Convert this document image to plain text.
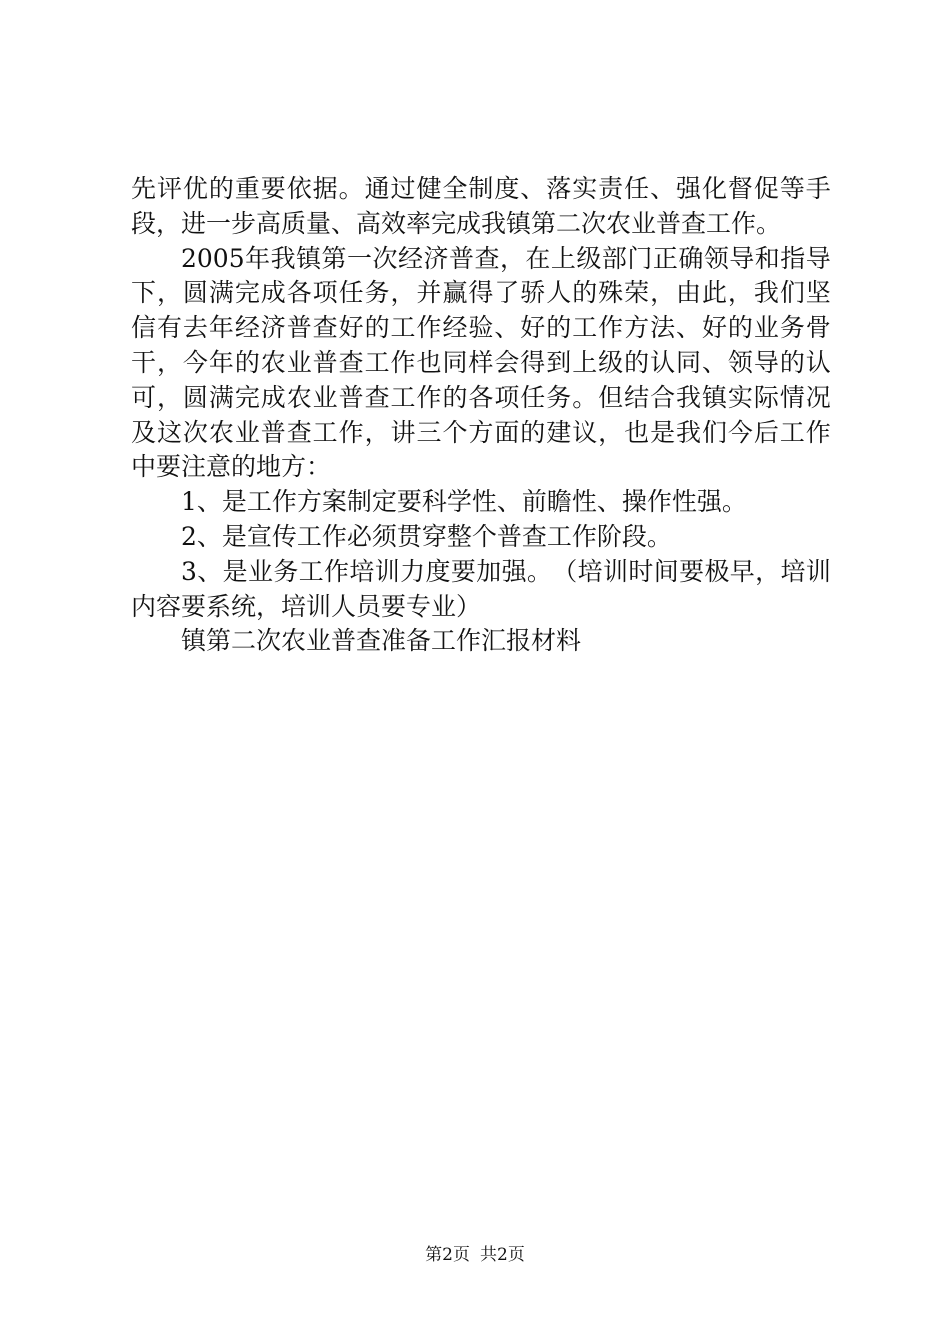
先 评 优 的 重 要 依 据 。 通 过 健 全 制 度 、 落 实 责 任 、 强 化 督 促 等 手
段，进一步高质量、高效率完成我镇第二次农业普查工作。
2005 年 我 镇 第 一 次 经 济 普 查 ， 在 上 级 部 门 正 确 领 导 和 指 导
下 ， 圆 满 完 成 各 项 任 务 ， 并 赢 得 了 骄 人 的 殊 荣 ， 由 此 ， 我 们 坚
信 有 去 年 经 济 普 查 好 的 工 作 经 验 、 好 的 工 作 方 法 、 好 的 业 务 骨
干 ， 今 年 的 农 业 普 查 工 作 也 同 样 会 得 到 上 级 的 认 同 、 领 导 的 认
可 ， 圆 满 完 成 农 业 普 查 工 作 的 各 项 任 务 。 但 结 合 我 镇 实 际 情 况
及 这 次 农 业 普 查 工 作 ， 讲 三 个 方 面 的 建 议 ， 也 是 我 们 今 后 工 作
中要注意的地方：
1、是工作方案制定要科学性、前瞻性、操作性强。
2、是宣传工作必须贯穿整个普查工作阶段。
3 、 是 业 务 工 作 培 训 力 度 要 加 强 。 （ 培 训 时 间 要 极 早 ， 培 训
内容要系统，培训人员要专业）
镇第二次农业普查准备工作汇报材料
第2页 共2页
